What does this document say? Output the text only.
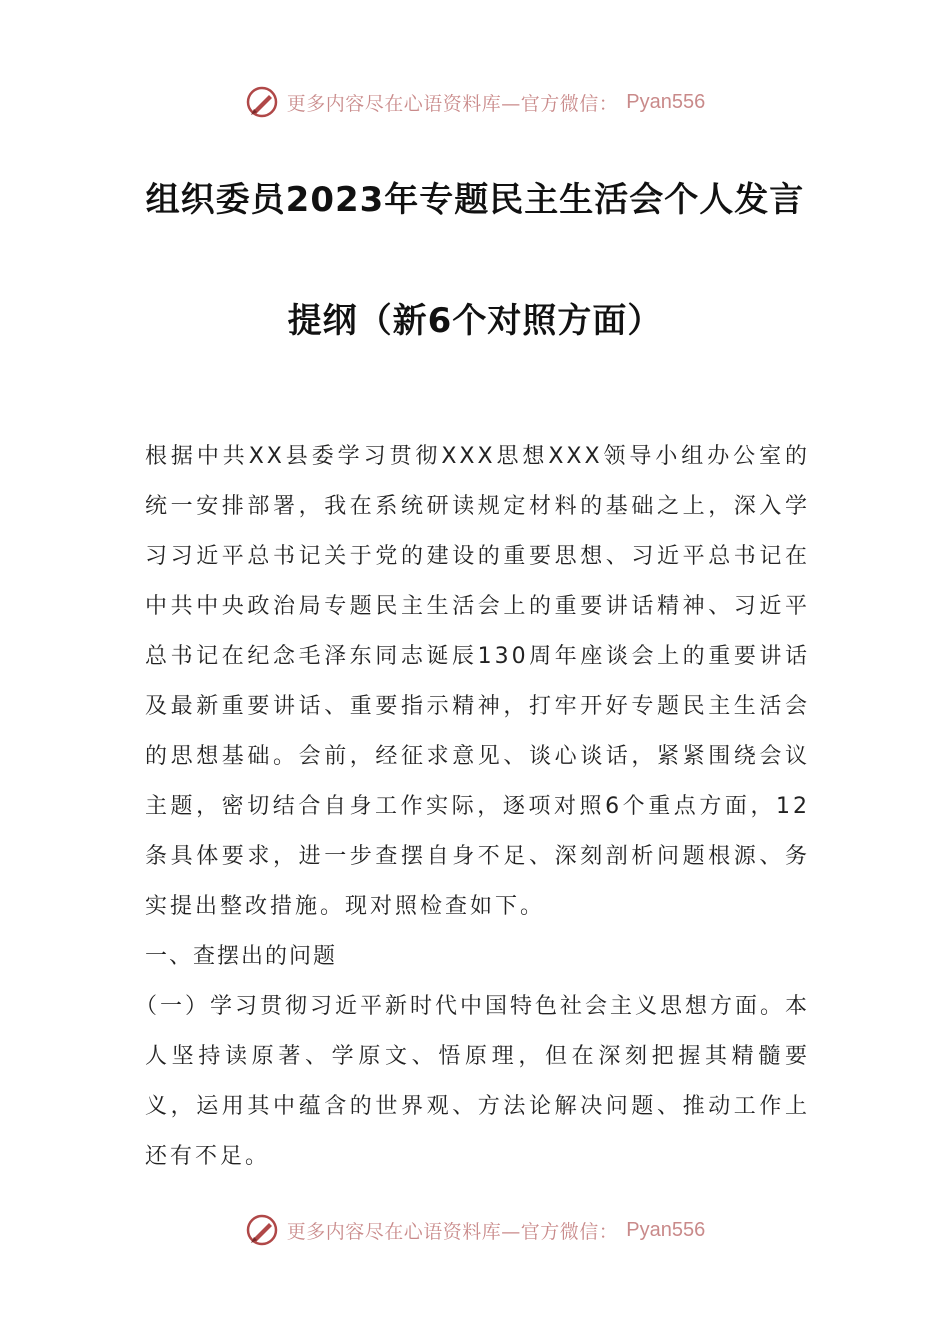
更多内容尽在心语资料库—官方微信： Pyan556
组织委员2023年专题民主生活会个人发言
提纲（新6个对照方面）

根据中共XX县委学习贯彻XXX思想XXX领导小组办公室的统一安排部署，我在系统研读规定材料的基础之上，深入学习习近平总书记关于党的建设的重要思想、习近平总书记在中共中央政治局专题民主生活会上的重要讲话精神、习近平总书记在纪念毛泽东同志诞辰130周年座谈会上的重要讲话及最新重要讲话、重要指示精神，打牢开好专题民主生活会的思想基础。会前，经征求意见、谈心谈话，紧紧围绕会议主题，密切结合自身工作实际，逐项对照6个重点方面，12条具体要求，进一步查摆自身不足、深刻剖析问题根源、务实提出整改措施。现对照检查如下。

一、查摆出的问题

（一）学习贯彻习近平新时代中国特色社会主义思想方面。本人坚持读原著、学原文、悟原理，但在深刻把握其精髓要义，运用其中蕴含的世界观、方法论解决问题、推动工作上还有不足。

更多内容尽在心语资料库—官方微信： Pyan556
